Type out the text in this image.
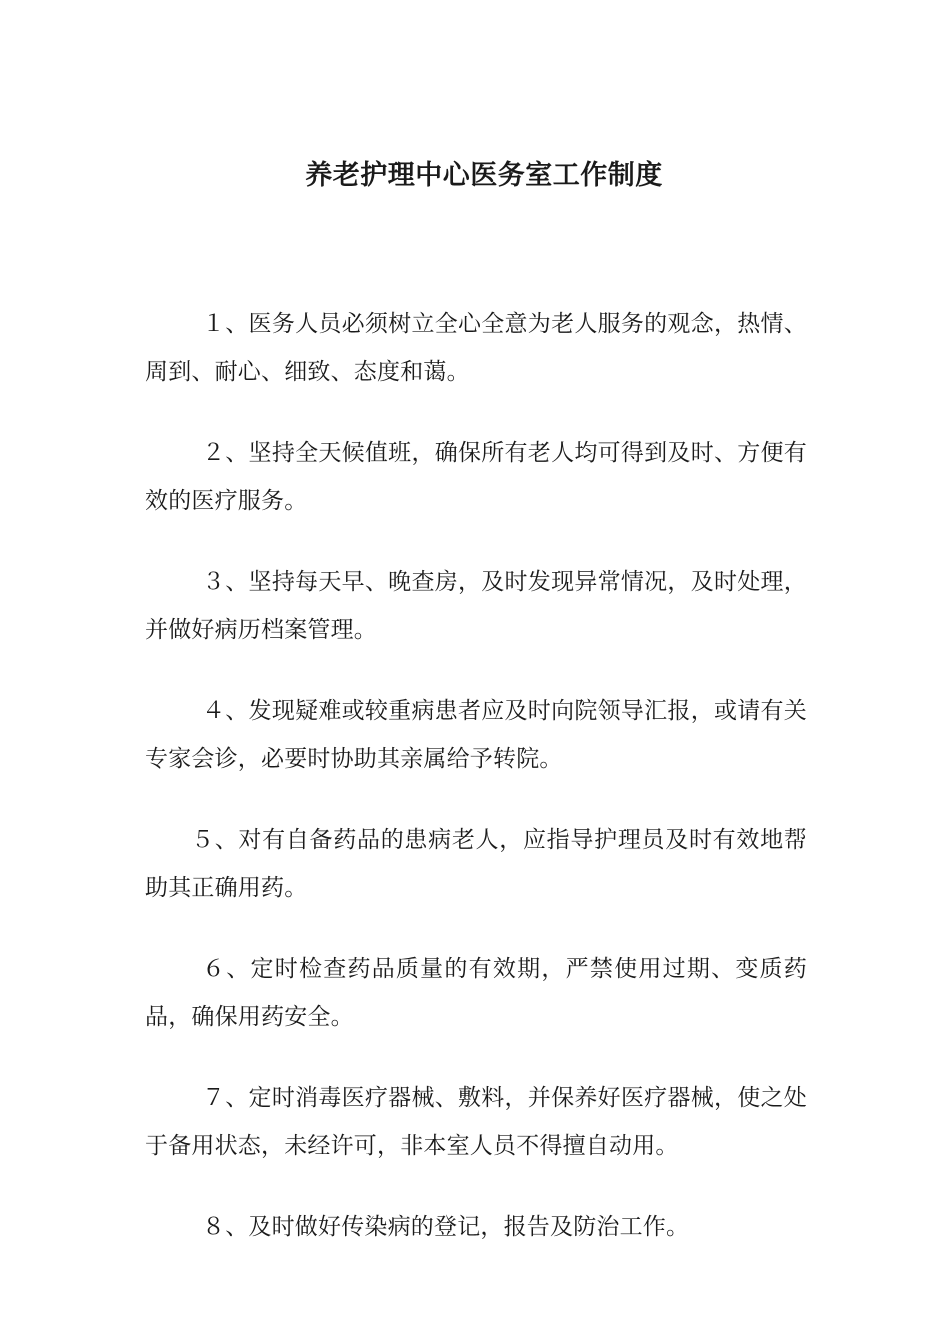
养老护理中心医务室工作制度
１、医务人员必须树立全心全意为老人服务的观念，热情、周到、耐心、细致、态度和蔼。
２、坚持全天候值班，确保所有老人均可得到及时、方便有效的医疗服务。
３、坚持每天早、晚查房，及时发现异常情况，及时处理，并做好病历档案管理。
４、发现疑难或较重病患者应及时向院领导汇报，或请有关专家会诊，必要时协助其亲属给予转院。
５、对有自备药品的患病老人，应指导护理员及时有效地帮助其正确用药。
６、定时检查药品质量的有效期，严禁使用过期、变质药品，确保用药安全。
７、定时消毒医疗器械、敷料，并保养好医疗器械，使之处于备用状态，未经许可，非本室人员不得擅自动用。
８、及时做好传染病的登记，报告及防治工作。
